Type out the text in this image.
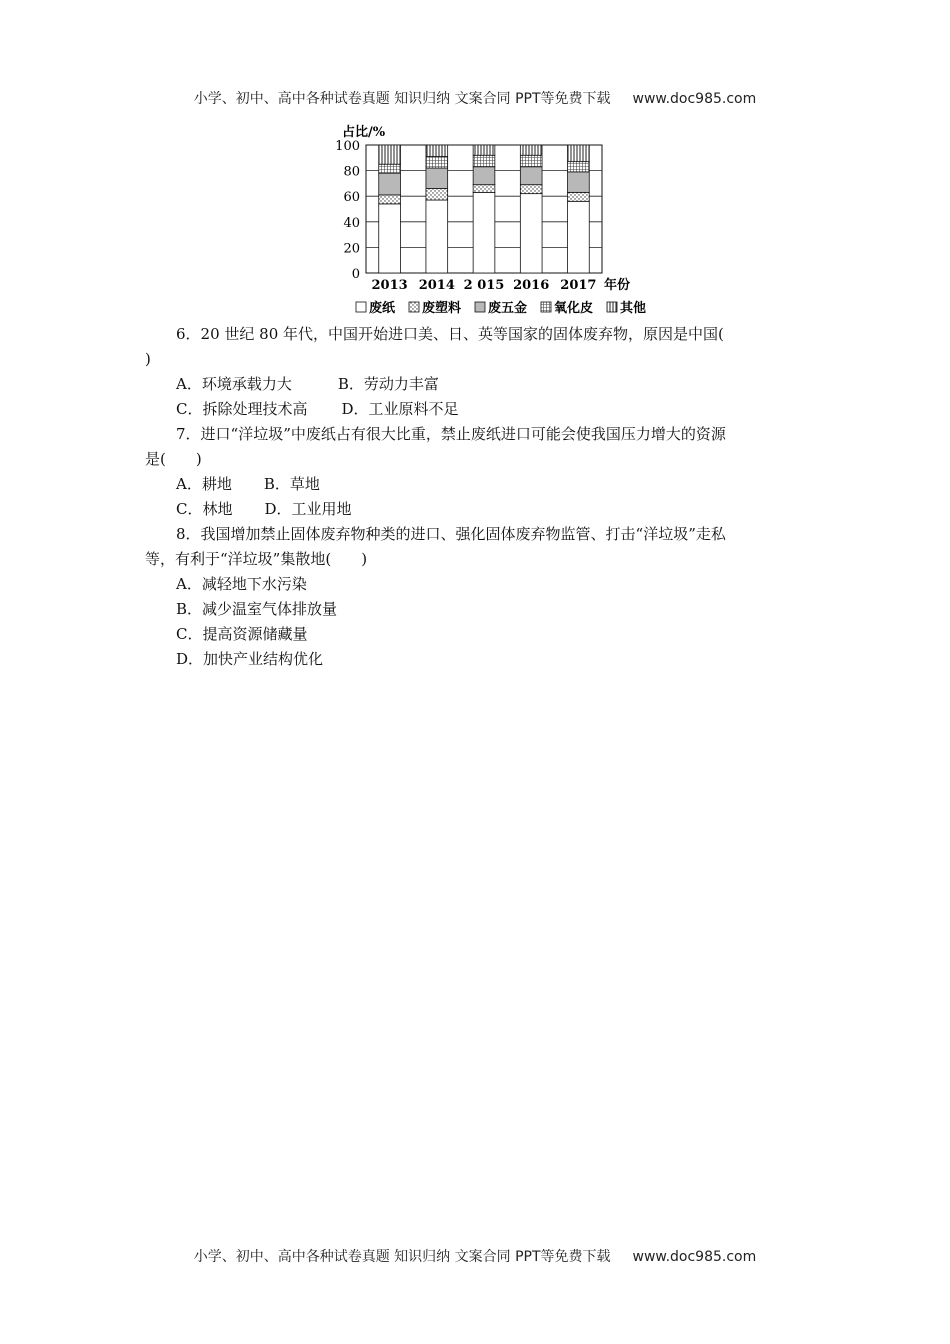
小学、初中、高中各种试卷真题 知识归纳 文案合同 PPT等免费下载 www.doc985.com
占比/%
0
20
40
60
80
100
2013 2014 2 015 2016 2017 年份
废纸 废塑料 废五金 氧化皮 其他
6．20 世纪 80 年代，中国开始进口美、日、英等国家的固体废弃物，原因是中国(
)
A．环境承载力大	B．劳动力丰富
C．拆除处理技术高 D．工业原料不足
7．进口“洋垃圾”中废纸占有很大比重，禁止废纸进口可能会使我国压力增大的资源
是(　　)
A．耕地 B．草地
C．林地 D．工业用地
8．我国增加禁止固体废弃物种类的进口、强化固体废弃物监管、打击“洋垃圾”走私
等，有利于“洋垃圾”集散地(　　)
A．减轻地下水污染
B．减少温室气体排放量
C．提高资源储藏量
D．加快产业结构优化
小学、初中、高中各种试卷真题 知识归纳 文案合同 PPT等免费下载 www.doc985.com
